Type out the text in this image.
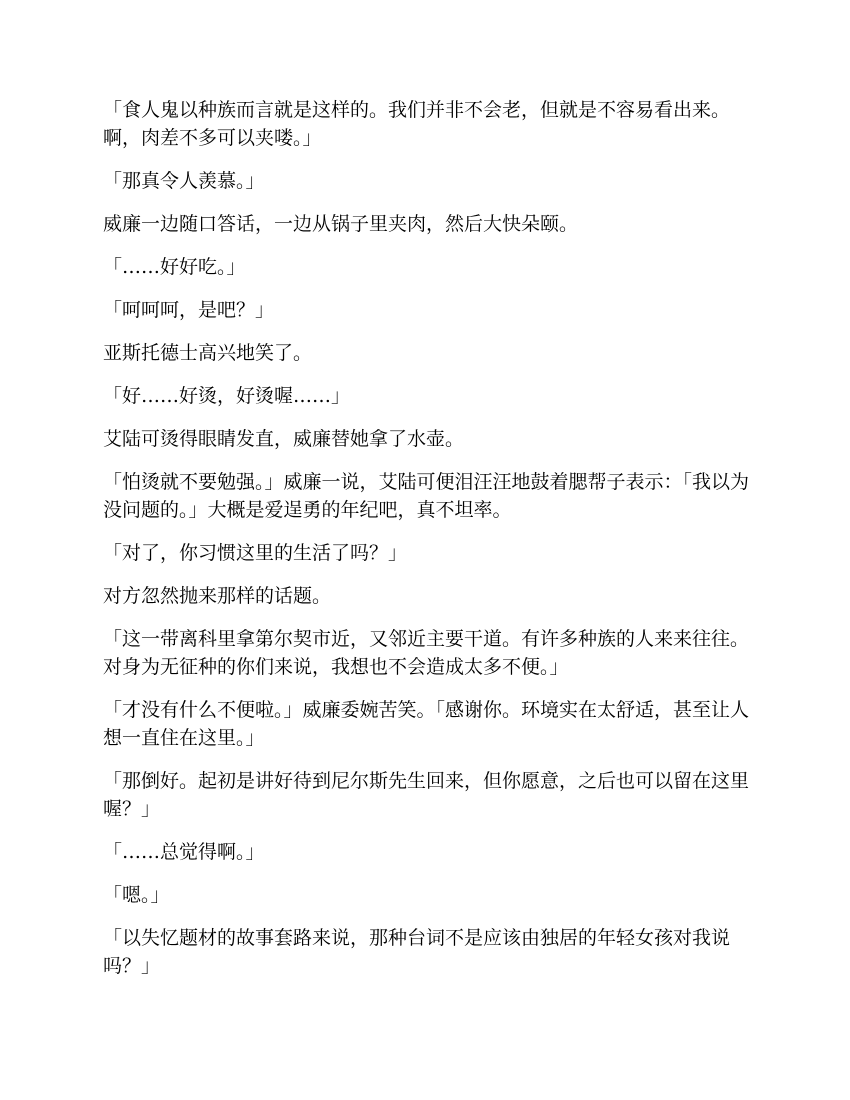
「食人鬼以种族而言就是这样的。我们并非不会老，但就是不容易看出来。啊，肉差不多可以夹喽。」

「那真令人羡慕。」

威廉一边随口答话，一边从锅子里夹肉，然后大快朵颐。

「……好好吃。」

「呵呵呵，是吧？」

亚斯托德士高兴地笑了。

「好……好烫，好烫喔……」

艾陆可烫得眼睛发直，威廉替她拿了水壶。

「怕烫就不要勉强。」威廉一说，艾陆可便泪汪汪地鼓着腮帮子表示：「我以为没问题的。」大概是爱逞勇的年纪吧，真不坦率。

「对了，你习惯这里的生活了吗？」

对方忽然抛来那样的话题。

「这一带离科里拿第尔契市近，又邻近主要干道。有许多种族的人来来往往。对身为无征种的你们来说，我想也不会造成太多不便。」

「才没有什么不便啦。」威廉委婉苦笑。「感谢你。环境实在太舒适，甚至让人想一直住在这里。」

「那倒好。起初是讲好待到尼尔斯先生回来，但你愿意，之后也可以留在这里喔？」

「……总觉得啊。」

「嗯。」

「以失忆题材的故事套路来说，那种台词不是应该由独居的年轻女孩对我说吗？」
